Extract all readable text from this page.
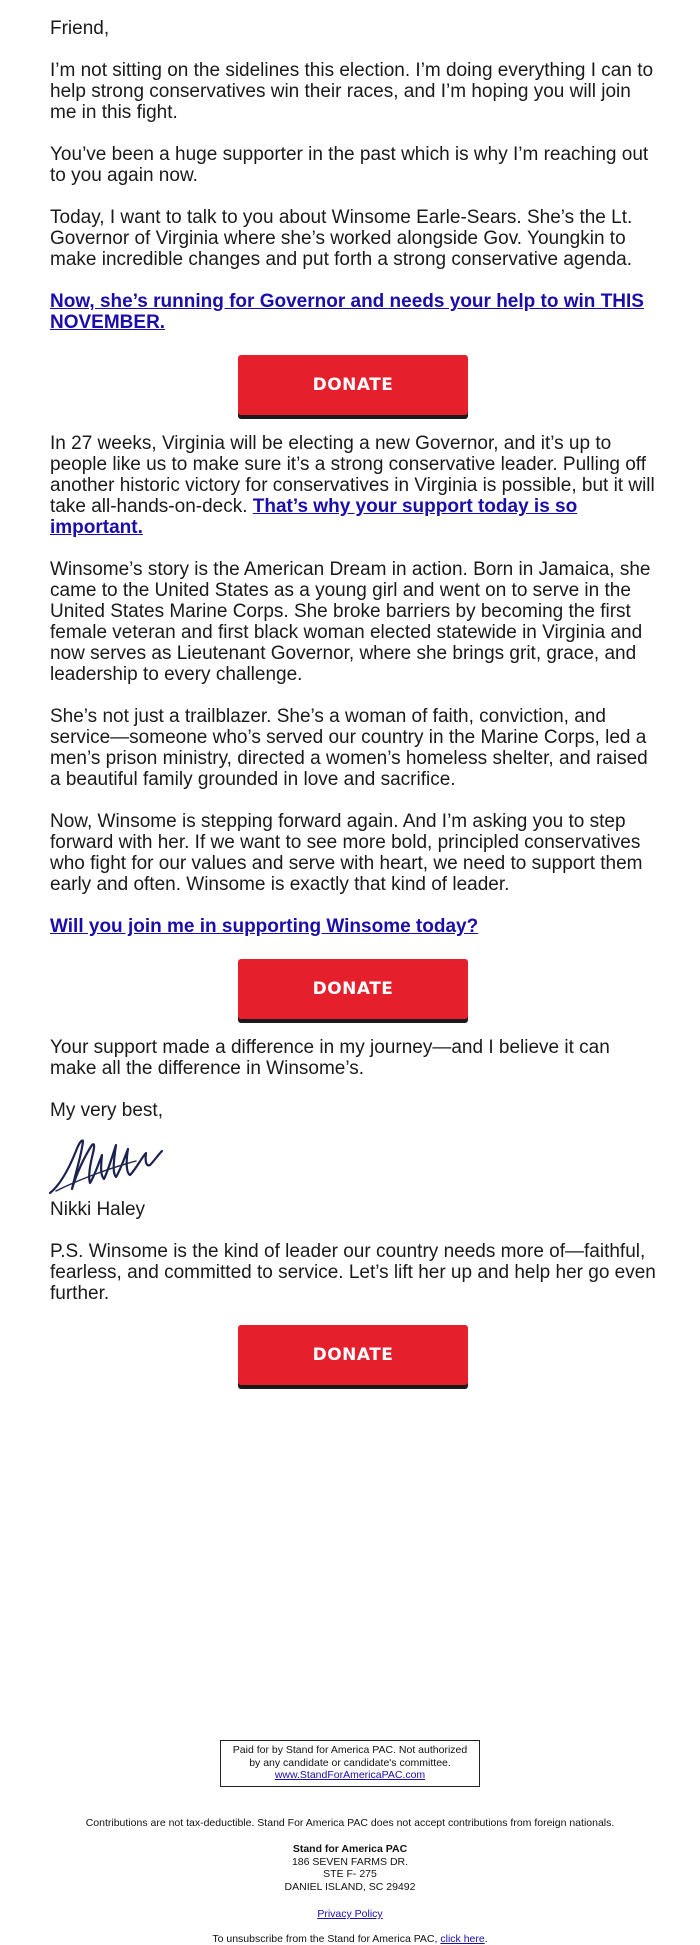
Friend,

I’m not sitting on the sidelines this election. I’m doing everything I can to help strong conservatives win their races, and I’m hoping you will join me in this fight.

You’ve been a huge supporter in the past which is why I’m reaching out to you again now.

Today, I want to talk to you about Winsome Earle-Sears. She’s the Lt. Governor of Virginia where she’s worked alongside Gov. Youngkin to make incredible changes and put forth a strong conservative agenda.

Now, she’s running for Governor and needs your help to win THIS NOVEMBER.

DONATE

In 27 weeks, Virginia will be electing a new Governor, and it’s up to people like us to make sure it’s a strong conservative leader. Pulling off another historic victory for conservatives in Virginia is possible, but it will take all-hands-on-deck. That’s why your support today is so important.

Winsome’s story is the American Dream in action. Born in Jamaica, she came to the United States as a young girl and went on to serve in the United States Marine Corps. She broke barriers by becoming the first female veteran and first black woman elected statewide in Virginia and now serves as Lieutenant Governor, where she brings grit, grace, and leadership to every challenge.

She’s not just a trailblazer. She’s a woman of faith, conviction, and service—someone who’s served our country in the Marine Corps, led a men’s prison ministry, directed a women’s homeless shelter, and raised a beautiful family grounded in love and sacrifice.

Now, Winsome is stepping forward again. And I’m asking you to step forward with her. If we want to see more bold, principled conservatives who fight for our values and serve with heart, we need to support them early and often. Winsome is exactly that kind of leader.

Will you join me in supporting Winsome today?

DONATE

Your support made a difference in my journey—and I believe it can make all the difference in Winsome’s.

My very best,

Nikki Haley

P.S. Winsome is the kind of leader our country needs more of—faithful, fearless, and committed to service. Let’s lift her up and help her go even further.

DONATE
Paid for by Stand for America PAC. Not authorized
by any candidate or candidate's committee.
www.StandForAmericaPAC.com
Contributions are not tax-deductible. Stand For America PAC does not accept contributions from foreign nationals.
Stand for America PAC
186 SEVEN FARMS DR.
STE F- 275
DANIEL ISLAND, SC 29492
Privacy Policy
To unsubscribe from the Stand for America PAC, click here.
